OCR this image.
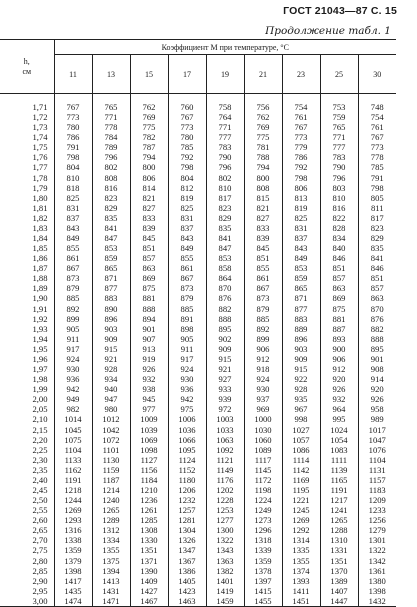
ГОСТ 21043—87 С. 15
Продолжение табл. 1
h,
см	Коэффициент М при температуре, °С								
	11	13	15	17	19	21	23	25	30
1,71	767	765	762	760	758	756	754	753	748
1,72	773	771	769	767	764	762	761	759	754
1,73	780	778	775	773	771	769	767	765	761
1,74	786	784	782	780	777	775	773	771	767
1,75	791	789	787	785	783	781	779	777	773
1,76	798	796	794	792	790	788	786	783	778
1,77	804	802	800	798	796	794	792	790	785
1,78	810	808	806	804	802	800	798	796	791
1,79	818	816	814	812	810	808	806	803	798
1,80	825	823	821	819	817	815	813	810	805
1,81	831	829	827	825	823	821	819	816	811
1,82	837	835	833	831	829	827	825	822	817
1,83	843	841	839	837	835	833	831	828	823
1,84	849	847	845	843	841	839	837	834	829
1,85	855	853	851	849	847	845	843	840	835
1,86	861	859	857	855	853	851	849	846	841
1,87	867	865	863	861	858	855	853	851	846
1,88	873	871	869	867	864	861	859	857	851
1,89	879	877	875	873	870	867	865	863	857
1,90	885	883	881	879	876	873	871	869	863
1,91	892	890	888	885	882	879	877	875	870
1,92	899	896	894	891	888	885	883	881	876
1,93	905	903	901	898	895	892	889	887	882
1,94	911	909	907	905	902	899	896	893	888
1,95	917	915	913	911	909	906	903	900	895
1,96	924	921	919	917	915	912	909	906	901
1,97	930	928	926	924	921	918	915	912	908
1,98	936	934	932	930	927	924	922	920	914
1,99	942	940	938	936	933	930	928	926	920
2,00	949	947	945	942	939	937	935	932	926
2,05	982	980	977	975	972	969	967	964	958
2,10	1014	1012	1009	1006	1003	1000	998	995	989
2,15	1045	1042	1039	1036	1033	1030	1027	1024	1017
2,20	1075	1072	1069	1066	1063	1060	1057	1054	1047
2,25	1104	1101	1098	1095	1092	1089	1086	1083	1076
2,30	1133	1130	1127	1124	1121	1117	1114	1111	1104
2,35	1162	1159	1156	1152	1149	1145	1142	1139	1131
2,40	1191	1187	1184	1180	1176	1172	1169	1165	1157
2,45	1218	1214	1210	1206	1202	1198	1195	1191	1183
2,50	1244	1240	1236	1232	1228	1224	1221	1217	1209
2,55	1269	1265	1261	1257	1253	1249	1245	1241	1233
2,60	1293	1289	1285	1281	1277	1273	1269	1265	1256
2,65	1316	1312	1308	1304	1300	1296	1292	1288	1279
2,70	1338	1334	1330	1326	1322	1318	1314	1310	1301
2,75	1359	1355	1351	1347	1343	1339	1335	1331	1322
2,80	1379	1375	1371	1367	1363	1359	1355	1351	1342
2,85	1398	1394	1390	1386	1382	1378	1374	1370	1361
2,90	1417	1413	1409	1405	1401	1397	1393	1389	1380
2,95	1435	1431	1427	1423	1419	1415	1411	1407	1398
3,00	1474	1471	1467	1463	1459	1455	1451	1447	1432
